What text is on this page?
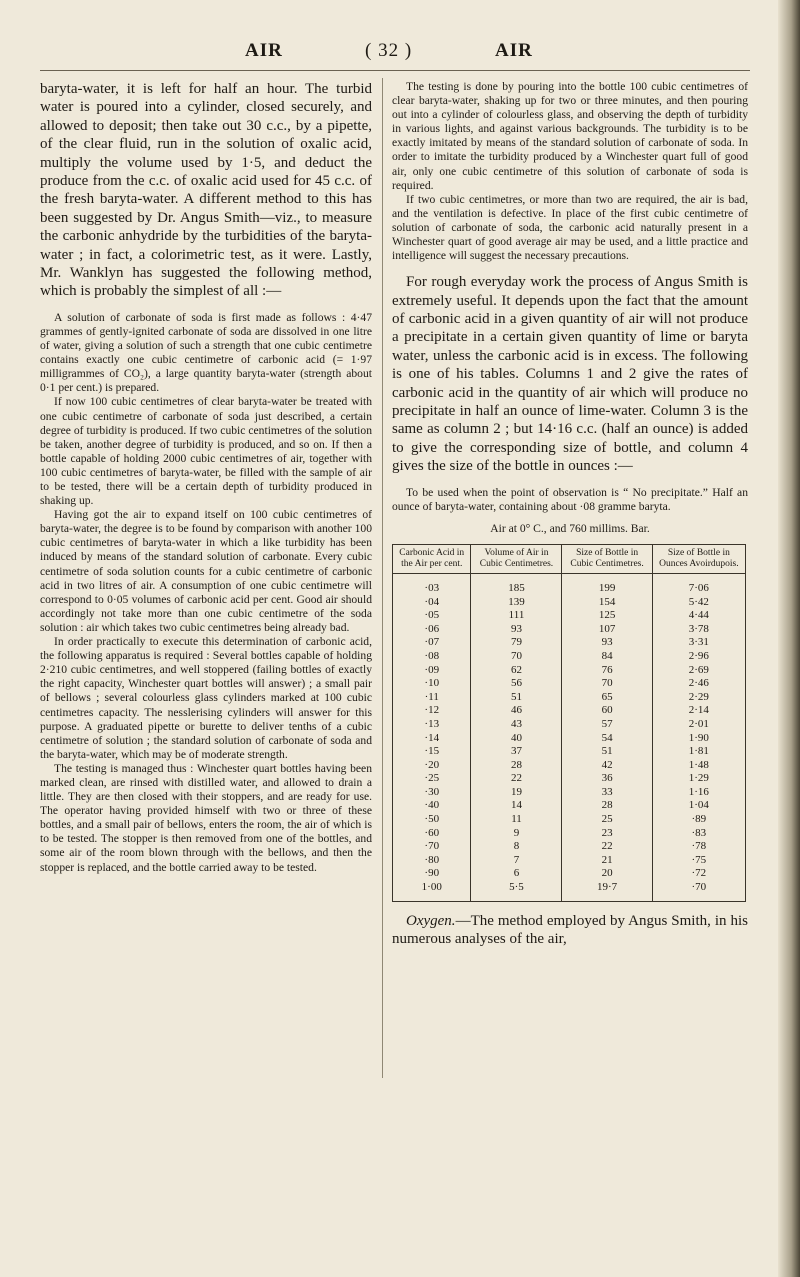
AIR	( 32 )	AIR

baryta-water, it is left for half an hour. The turbid water is poured into a cylinder, closed securely, and allowed to deposit; then take out 30 c.c., by a pipette, of the clear fluid, run in the solution of oxalic acid, multiply the volume used by 1·5, and deduct the produce from the c.c. of oxalic acid used for 45 c.c. of the fresh baryta-water. A different method to this has been suggested by Dr. Angus Smith—viz., to measure the carbonic anhydride by the turbidities of the baryta-water ; in fact, a colorimetric test, as it were. Lastly, Mr. Wanklyn has suggested the following method, which is probably the simplest of all :—

A solution of carbonate of soda is first made as follows : 4·47 grammes of gently-ignited carbonate of soda are dissolved in one litre of water, giving a solution of such a strength that one cubic centimetre contains exactly one cubic centimetre of carbonic acid (= 1·97 milligrammes of CO₂), a large quantity baryta-water (strength about 0·1 per cent.) is prepared.

If now 100 cubic centimetres of clear baryta-water be treated with one cubic centimetre of carbonate of soda just described, a certain degree of turbidity is produced. If two cubic centimetres of the solution be taken, another degree of turbidity is produced, and so on. If then a bottle capable of holding 2000 cubic centimetres of air, together with 100 cubic centimetres of baryta-water, be filled with the sample of air to be tested, there will be a certain depth of turbidity produced in shaking up.

Having got the air to expand itself on 100 cubic centimetres of baryta-water, the degree is to be found by comparison with another 100 cubic centimetres of baryta-water in which a like turbidity has been induced by means of the standard solution of carbonate. Every cubic centimetre of soda solution counts for a cubic centimetre of carbonic acid in two litres of air. A consumption of one cubic centimetre will correspond to 0·05 volumes of carbonic acid per cent. Good air should accordingly not take more than one cubic centimetre of the soda solution : air which takes two cubic centimetres being already bad.

In order practically to execute this determination of carbonic acid, the following apparatus is required : Several bottles capable of holding 2·210 cubic centimetres, and well stoppered (failing bottles of exactly the right capacity, Winchester quart bottles will answer) ; a small pair of bellows ; several colourless glass cylinders marked at 100 cubic centimetres capacity. The nesslerising cylinders will answer for this purpose. A graduated pipette or burette to deliver tenths of a cubic centimetre of solution ; the standard solution of carbonate of soda and the baryta-water, which may be of moderate strength.

The testing is managed thus : Winchester quart bottles having been marked clean, are rinsed with distilled water, and allowed to drain a little. They are then closed with their stoppers, and are ready for use. The operator having provided himself with two or three of these bottles, and a small pair of bellows, enters the room, the air of which is to be tested. The stopper is then removed from one of the bottles, and some air of the room blown through with the bellows, and then the stopper is replaced, and the bottle carried away to be tested.

The testing is done by pouring into the bottle 100 cubic centimetres of clear baryta-water, shaking up for two or three minutes, and then pouring out into a cylinder of colourless glass, and observing the depth of turbidity in various lights, and against various backgrounds. The turbidity is to be exactly imitated by means of the standard solution of carbonate of soda. In order to imitate the turbidity produced by a Winchester quart full of good air, only one cubic centimetre of this solution of carbonate of soda is required.

If two cubic centimetres, or more than two are required, the air is bad, and the ventilation is defective. In place of the first cubic centimetre of solution of carbonate of soda, the carbonic acid naturally present in a Winchester quart of good average air may be used, and a little practice and intelligence will suggest the necessary precautions.

For rough everyday work the process of Angus Smith is extremely useful. It depends upon the fact that the amount of carbonic acid in a given quantity of air will not produce a precipitate in a certain given quantity of lime or baryta water, unless the carbonic acid is in excess. The following is one of his tables. Columns 1 and 2 give the rates of carbonic acid in the quantity of air which will produce no precipitate in half an ounce of lime-water. Column 3 is the same as column 2 ; but 14·16 c.c. (half an ounce) is added to give the corresponding size of bottle, and column 4 gives the size of the bottle in ounces :—

To be used when the point of observation is “ No precipitate.” Half an ounce of baryta-water, containing about ·08 gramme baryta.

Air at 0° C., and 760 millims. Bar.

Carbonic Acid in the Air per cent.	Volume of Air in Cubic Centimetres.	Size of Bottle in Cubic Centimetres.	Size of Bottle in Ounces Avoirdupois.
·03	185	199	7·06
·04	139	154	5·42
·05	111	125	4·44
·06	93	107	3·78
·07	79	93	3·31
·08	70	84	2·96
·09	62	76	2·69
·10	56	70	2·46
·11	51	65	2·29
·12	46	60	2·14
·13	43	57	2·01
·14	40	54	1·90
·15	37	51	1·81
·20	28	42	1·48
·25	22	36	1·29
·30	19	33	1·16
·40	14	28	1·04
·50	11	25	·89
·60	9	23	·83
·70	8	22	·78
·80	7	21	·75
·90	6	20	·72
1·00	5·5	19·7	·70

Oxygen.—The method employed by Angus Smith, in his numerous analyses of the air,
